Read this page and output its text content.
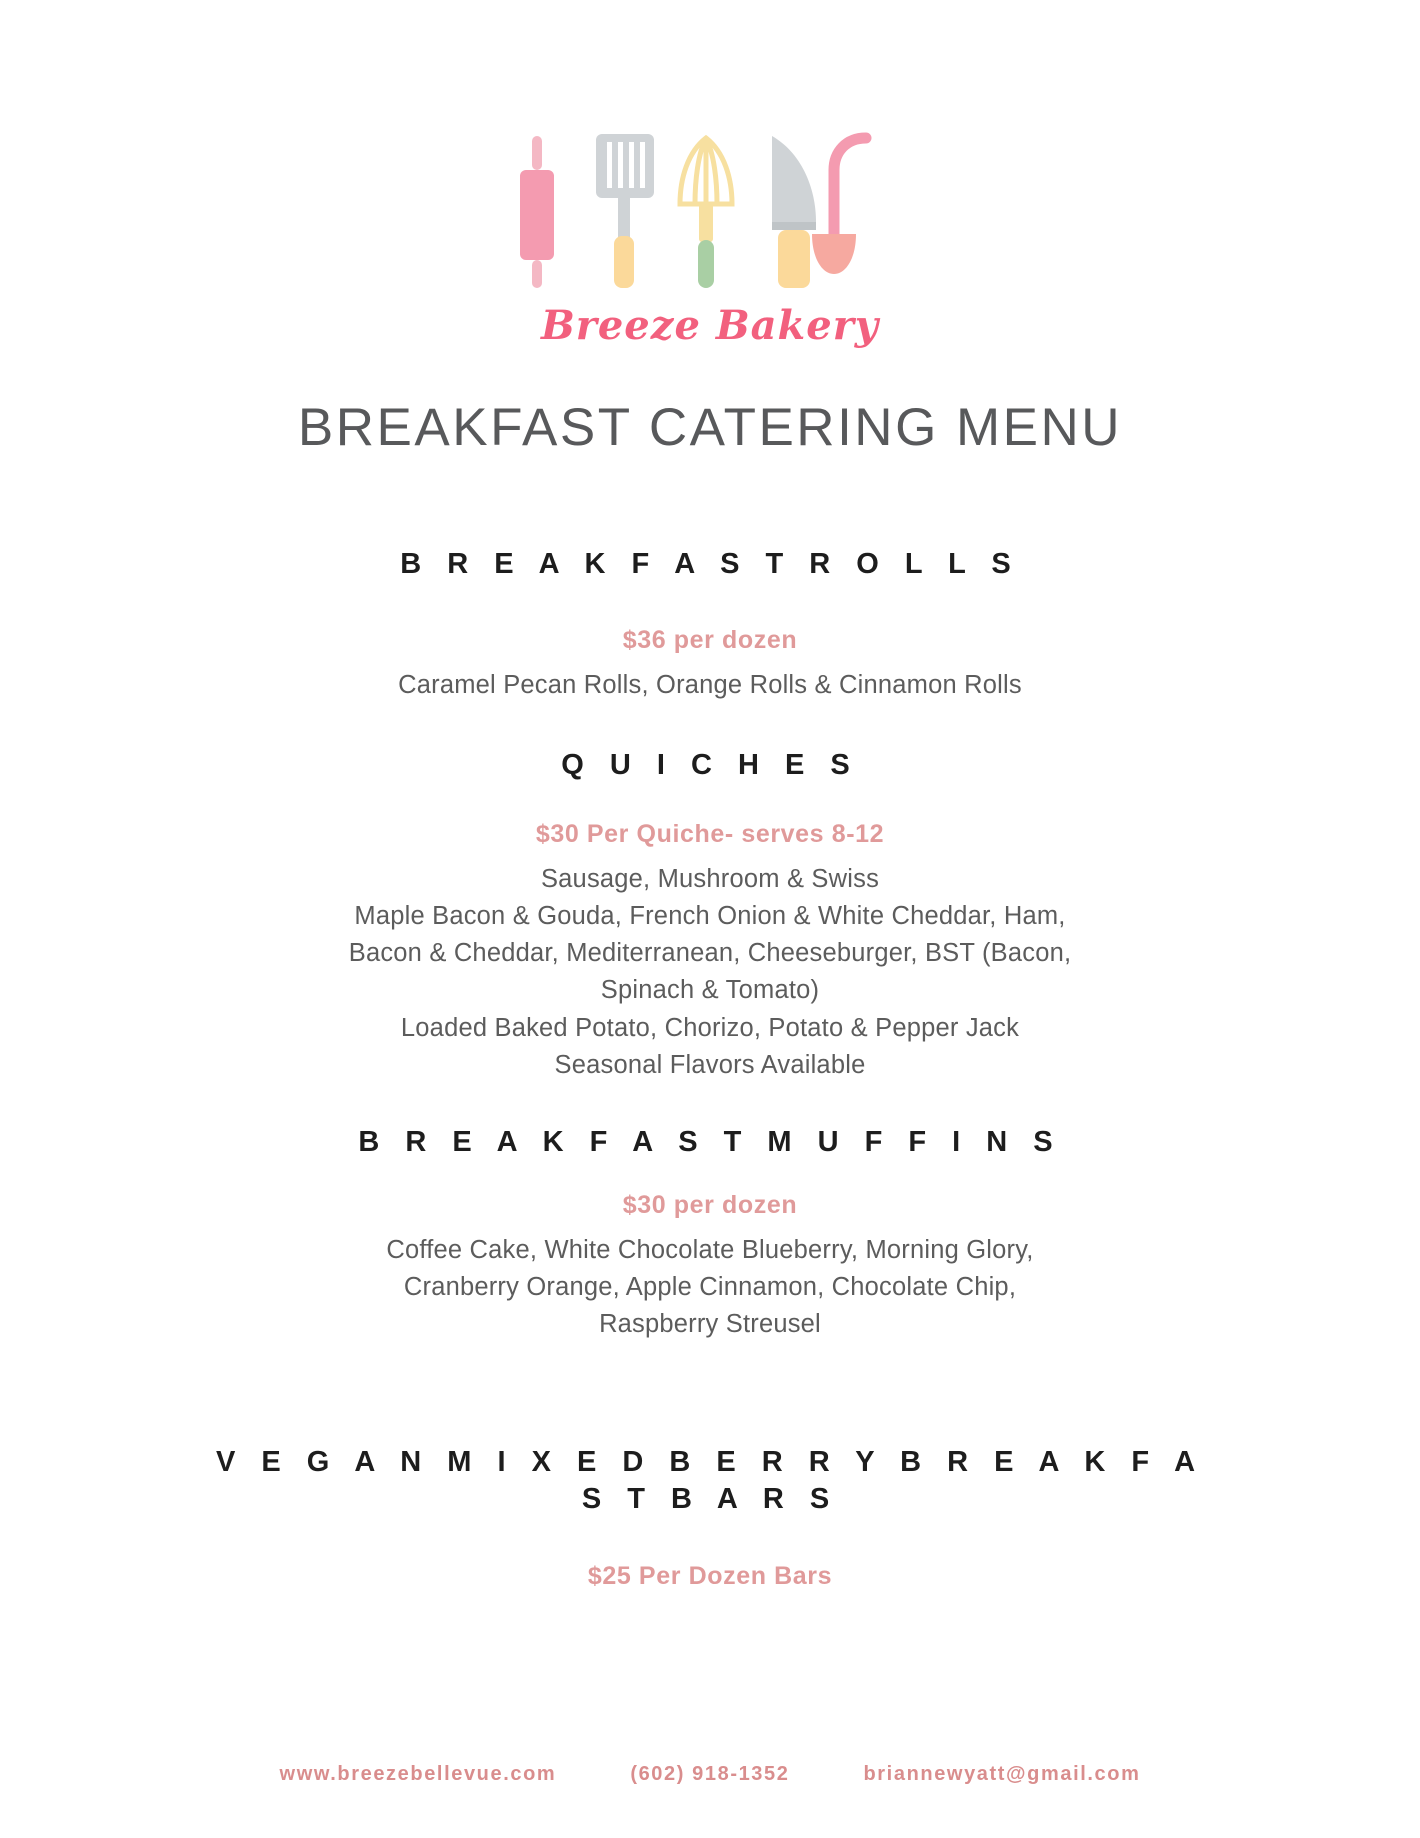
Breeze Bakery
BREAKFAST CATERING MENU
B R E A K F A S T R O L L S
$36 per dozen
Caramel Pecan Rolls, Orange Rolls & Cinnamon Rolls
Q U I C H E S
$30 Per Quiche- serves 8-12
Sausage, Mushroom & Swiss
Maple Bacon & Gouda, French Onion & White Cheddar, Ham,
Bacon & Cheddar, Mediterranean, Cheeseburger, BST (Bacon,
Spinach & Tomato)
Loaded Baked Potato, Chorizo, Potato & Pepper Jack
Seasonal Flavors Available
B R E A K F A S T M U F F I N S
$30 per dozen
Coffee Cake, White Chocolate Blueberry, Morning Glory,
Cranberry Orange, Apple Cinnamon, Chocolate Chip,
Raspberry Streusel
V E G A N M I X E D B E R R Y B R E A K F A S T B A R S
$25 Per Dozen Bars
www.breezebellevue.com	(602) 918-1352	briannewyatt@gmail.com
